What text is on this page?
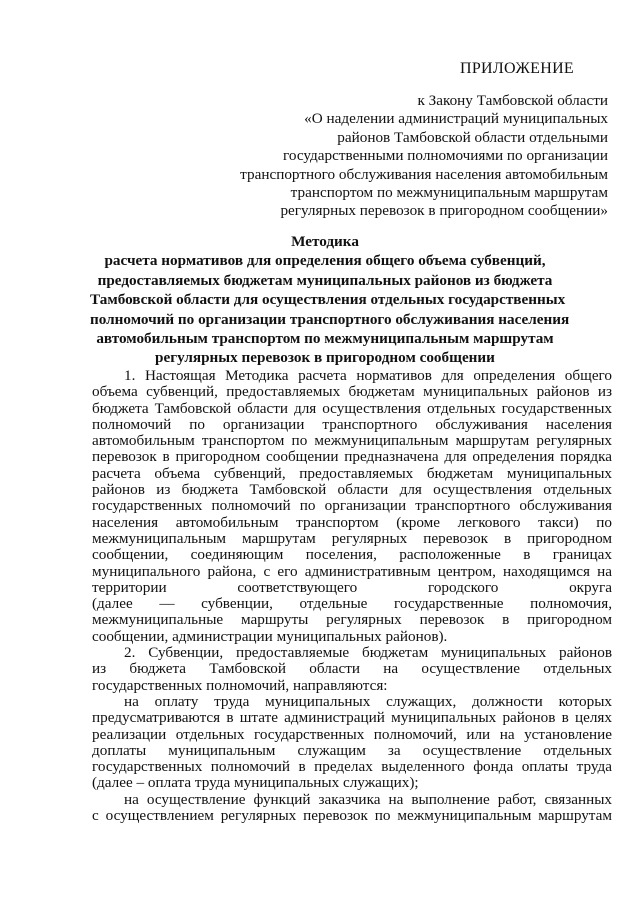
ПРИЛОЖЕНИЕ
к Закону Тамбовской области
«О наделении администраций муниципальных
районов Тамбовской области отдельными
государственными полномочиями по организации
транспортного обслуживания населения автомобильным
транспортом по межмуниципальным маршрутам
регулярных перевозок в пригородном сообщении»
Методика
расчета нормативов для определения общего объема субвенций,
предоставляемых бюджетам муниципальных районов из бюджета
Тамбовской области для осуществления отдельных государственных
полномочий по организации транспортного обслуживания населения
автомобильным транспортом по межмуниципальным маршрутам
регулярных перевозок в пригородном сообщении
1. Настоящая Методика расчета нормативов для определения общего
объема субвенций, предоставляемых бюджетам муниципальных районов из
бюджета Тамбовской области для осуществления отдельных государственных
полномочий по организации транспортного обслуживания населения
автомобильным транспортом по межмуниципальным маршрутам регулярных
перевозок в пригородном сообщении предназначена для определения порядка
расчета объема субвенций, предоставляемых бюджетам муниципальных
районов из бюджета Тамбовской области для осуществления отдельных
государственных полномочий по организации транспортного обслуживания
населения автомобильным транспортом (кроме легкового такси) по
межмуниципальным маршрутам регулярных перевозок в пригородном
сообщении, соединяющим поселения, расположенные в границах
муниципального района, с его административным центром, находящимся на
территории соответствующего городского округа
(далее — субвенции, отдельные государственные полномочия,
межмуниципальные маршруты регулярных перевозок в пригородном
сообщении, администрации муниципальных районов).
2. Субвенции, предоставляемые бюджетам муниципальных районов
из бюджета Тамбовской области на осуществление отдельных
государственных полномочий, направляются:
на оплату труда муниципальных служащих, должности которых
предусматриваются в штате администраций муниципальных районов в целях
реализации отдельных государственных полномочий, или на установление
доплаты муниципальным служащим за осуществление отдельных
государственных полномочий в пределах выделенного фонда оплаты труда
(далее – оплата труда муниципальных служащих);
на осуществление функций заказчика на выполнение работ, связанных
с осуществлением регулярных перевозок по межмуниципальным маршрутам
